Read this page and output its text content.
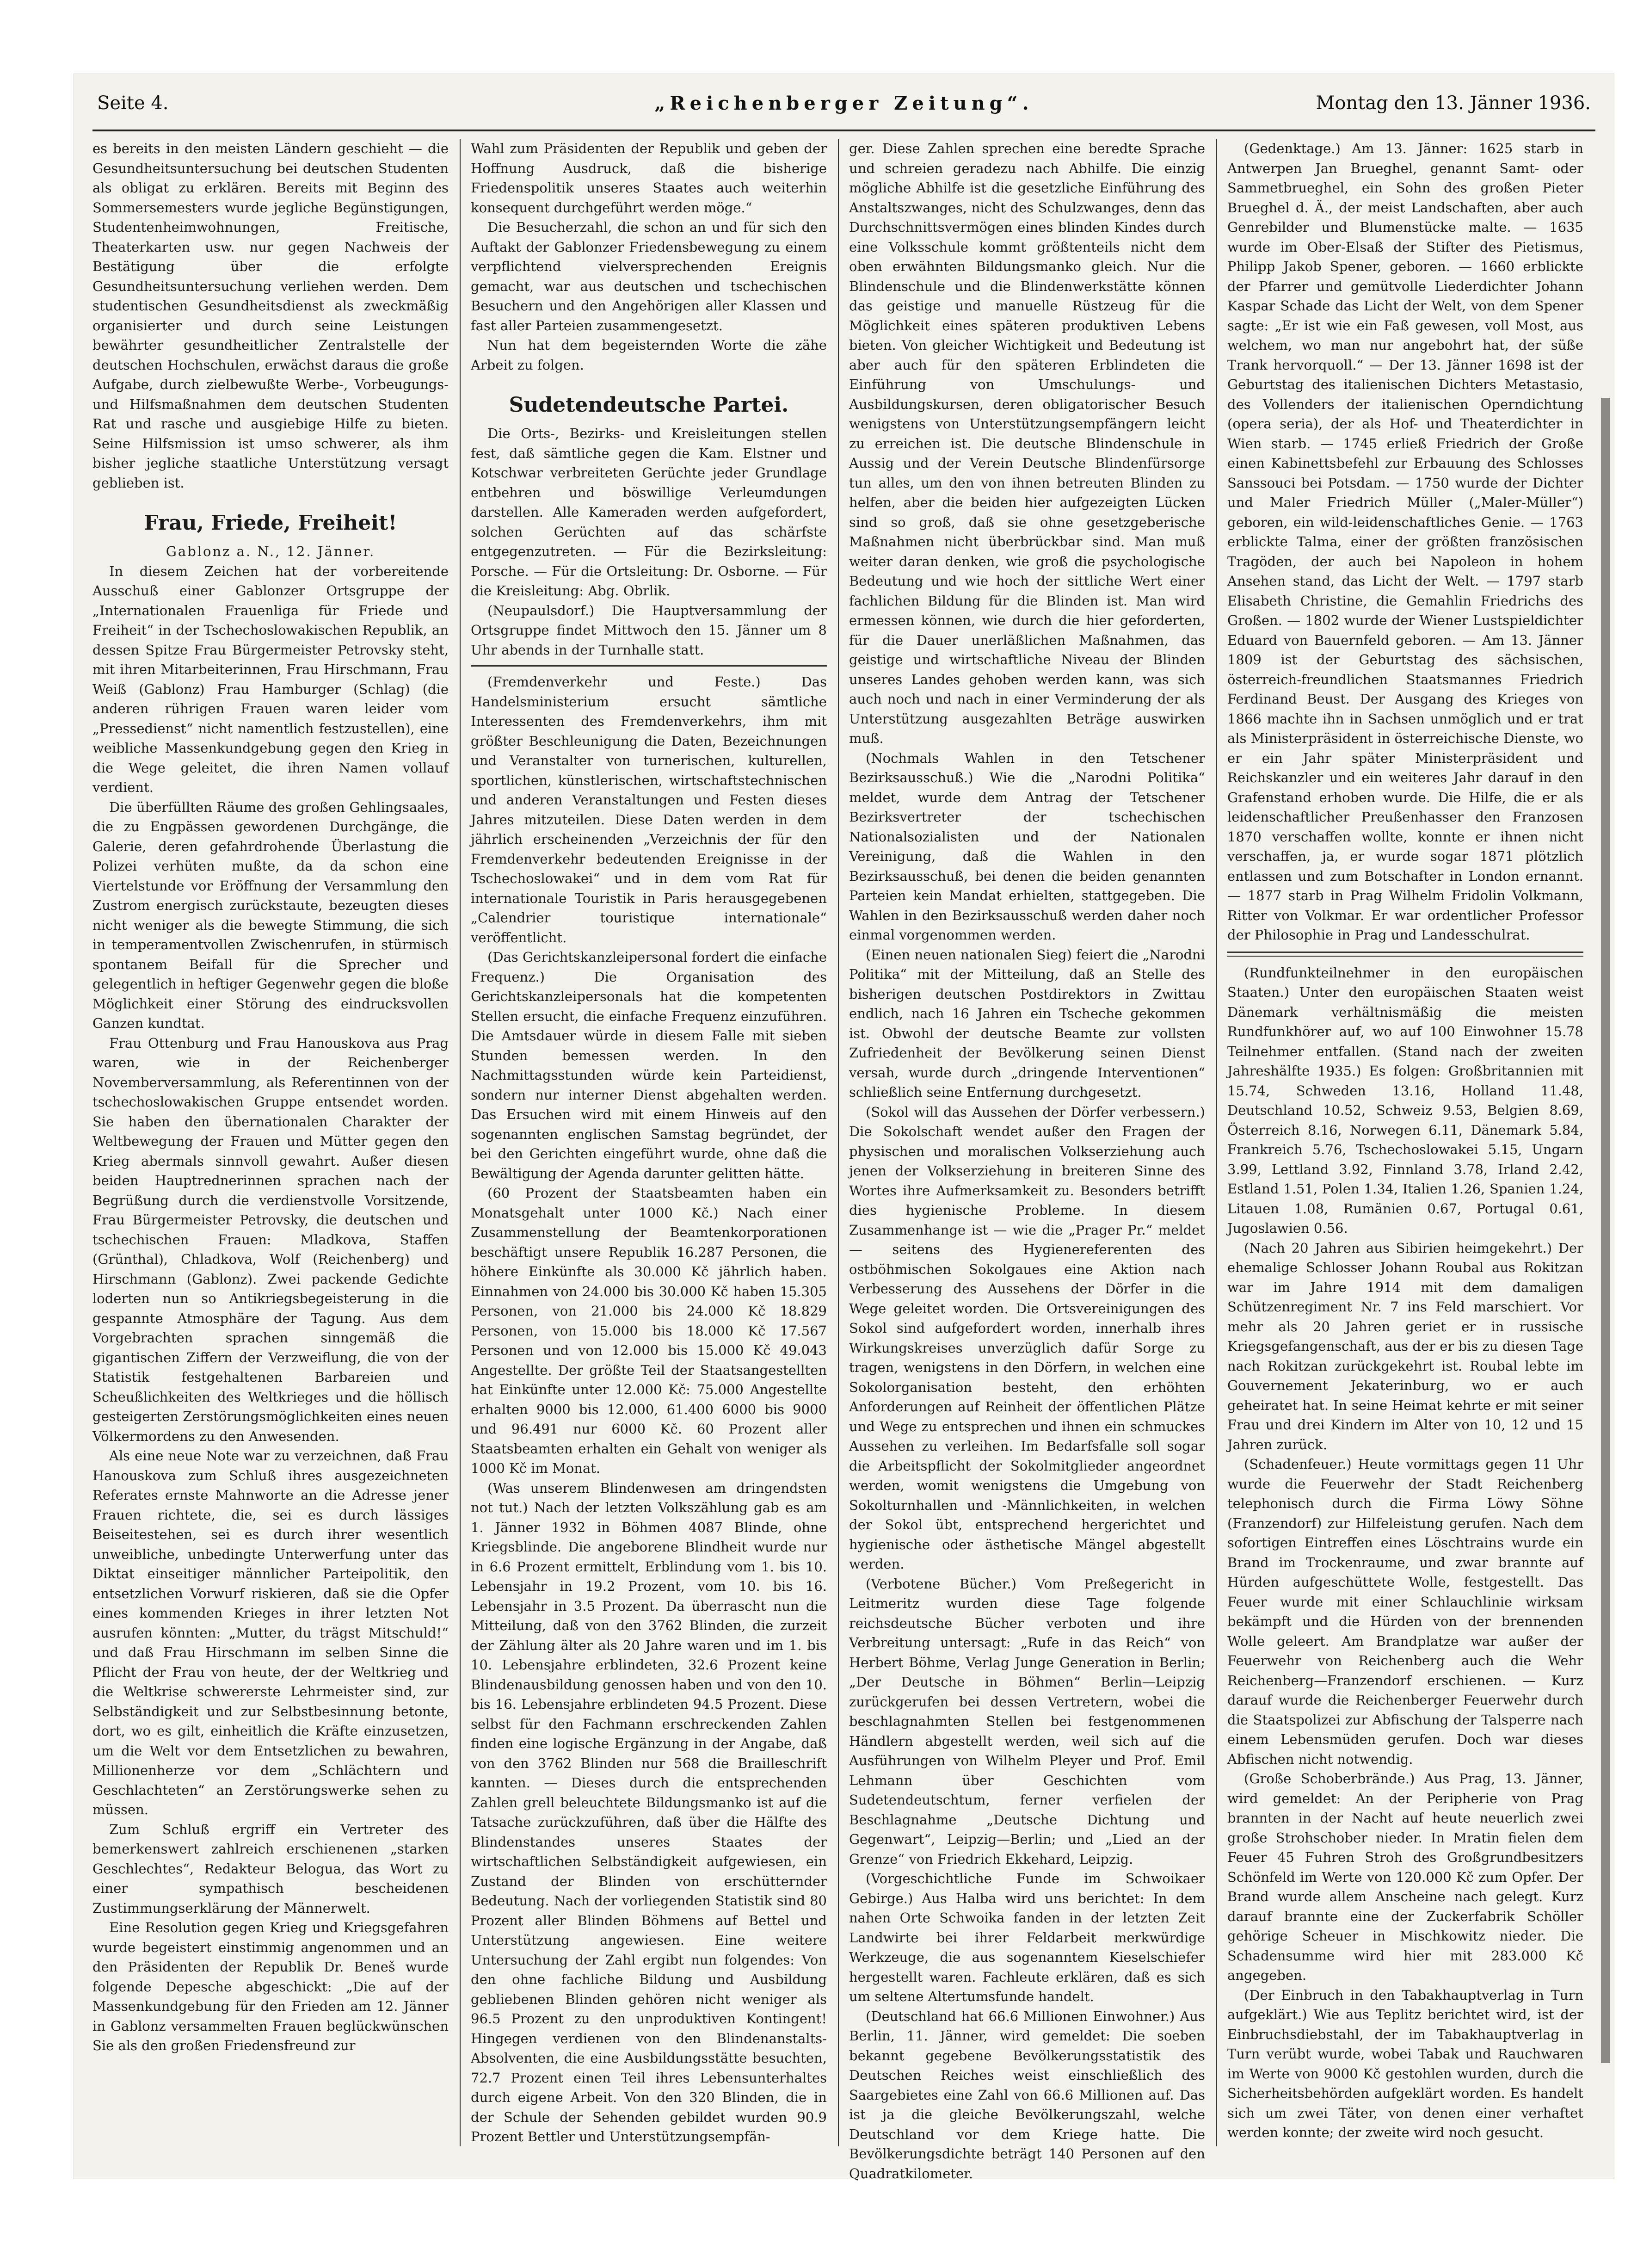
Seite 4.	„Reichenberger Zeitung“.	Montag den 13. Jänner 1936.

es bereits in den meisten Ländern geschieht — die Gesundheitsuntersuchung bei deutschen Studenten als obligat zu erklären. Bereits mit Beginn des Sommersemesters wurde jegliche Begünstigungen, Studentenheimwohnungen, Freitische, Theaterkarten usw. nur gegen Nachweis der Bestätigung über die erfolgte Gesundheitsuntersuchung verliehen werden. Dem studentischen Gesundheitsdienst als zweckmäßig organisierter und durch seine Leistungen bewährter gesundheitlicher Zentralstelle der deutschen Hochschulen, erwächst daraus die große Aufgabe, durch zielbewußte Werbe-, Vorbeugungs- und Hilfsmaßnahmen dem deutschen Studenten Rat und rasche und ausgiebige Hilfe zu bieten. Seine Hilfsmission ist umso schwerer, als ihm bisher jegliche staatliche Unterstützung versagt geblieben ist.

Frau, Friede, Freiheit!

Gablonz a. N., 12. Jänner.

In diesem Zeichen hat der vorbereitende Ausschuß einer Gablonzer Ortsgruppe der „Internationalen Frauenliga für Friede und Freiheit“ in der Tschechoslowakischen Republik, an dessen Spitze Frau Bürgermeister Petrovsky steht, mit ihren Mitarbeiterinnen, Frau Hirschmann, Frau Weiß (Gablonz) Frau Hamburger (Schlag) (die anderen rührigen Frauen waren leider vom „Pressedienst“ nicht namentlich festzustellen), eine weibliche Massenkundgebung gegen den Krieg in die Wege geleitet, die ihren Namen vollauf verdient.

Die überfüllten Räume des großen Gehlingsaales, die zu Engpässen gewordenen Durchgänge, die Galerie, deren gefahrdrohende Überlastung die Polizei verhüten mußte, da da schon eine Viertelstunde vor Eröffnung der Versammlung den Zustrom energisch zurückstaute, bezeugten dieses nicht weniger als die bewegte Stimmung, die sich in temperamentvollen Zwischenrufen, in stürmisch spontanem Beifall für die Sprecher und gelegentlich in heftiger Gegenwehr gegen die bloße Möglichkeit einer Störung des eindrucksvollen Ganzen kundtat.

Frau Ottenburg und Frau Hanouskova aus Prag waren, wie in der Reichenberger Novemberversammlung, als Referentinnen von der tschechoslowakischen Gruppe entsendet worden. Sie haben den übernationalen Charakter der Weltbewegung der Frauen und Mütter gegen den Krieg abermals sinnvoll gewahrt. Außer diesen beiden Hauptrednerinnen sprachen nach der Begrüßung durch die verdienstvolle Vorsitzende, Frau Bürgermeister Petrovsky, die deutschen und tschechischen Frauen: Mladkova, Staffen (Grünthal), Chladkova, Wolf (Reichenberg) und Hirschmann (Gablonz). Zwei packende Gedichte loderten nun so Antikriegsbegeisterung in die gespannte Atmosphäre der Tagung. Aus dem Vorgebrachten sprachen sinngemäß die gigantischen Ziffern der Verzweiflung, die von der Statistik festgehaltenen Barbareien und Scheußlichkeiten des Weltkrieges und die höllisch gesteigerten Zerstörungsmöglichkeiten eines neuen Völkermordens zu den Anwesenden.

Als eine neue Note war zu verzeichnen, daß Frau Hanouskova zum Schluß ihres ausgezeichneten Referates ernste Mahnworte an die Adresse jener Frauen richtete, die, sei es durch lässiges Beiseitestehen, sei es durch ihrer wesentlich unweibliche, unbedingte Unterwerfung unter das Diktat einseitiger männlicher Parteipolitik, den entsetzlichen Vorwurf riskieren, daß sie die Opfer eines kommenden Krieges in ihrer letzten Not ausrufen könnten: „Mutter, du trägst Mitschuld!“ und daß Frau Hirschmann im selben Sinne die Pflicht der Frau von heute, der der Weltkrieg und die Weltkrise schwererste Lehrmeister sind, zur Selbständigkeit und zur Selbstbesinnung betonte, dort, wo es gilt, einheitlich die Kräfte einzusetzen, um die Welt vor dem Entsetzlichen zu bewahren, Millionenherze vor dem „Schlächtern und Geschlachteten“ an Zerstörungswerke sehen zu müssen.

Zum Schluß ergriff ein Vertreter des bemerkenswert zahlreich erschienenen „starken Geschlechtes“, Redakteur Belogua, das Wort zu einer sympathisch bescheidenen Zustimmungserklärung der Männerwelt.

Eine Resolution gegen Krieg und Kriegsgefahren wurde begeistert einstimmig angenommen und an den Präsidenten der Republik Dr. Beneš wurde folgende Depesche abgeschickt: „Die auf der Massenkundgebung für den Frieden am 12. Jänner in Gablonz versammelten Frauen beglückwünschen Sie als den großen Friedensfreund zur

Wahl zum Präsidenten der Republik und geben der Hoffnung Ausdruck, daß die bisherige Friedenspolitik unseres Staates auch weiterhin konsequent durchgeführt werden möge.“

Die Besucherzahl, die schon an und für sich den Auftakt der Gablonzer Friedensbewegung zu einem verpflichtend vielversprechenden Ereignis gemacht, war aus deutschen und tschechischen Besuchern und den Angehörigen aller Klassen und fast aller Parteien zusammengesetzt.

Nun hat dem begeisternden Worte die zähe Arbeit zu folgen.

Sudetendeutsche Partei.

Die Orts-, Bezirks- und Kreisleitungen stellen fest, daß sämtliche gegen die Kam. Elstner und Kotschwar verbreiteten Gerüchte jeder Grundlage entbehren und böswillige Verleumdungen darstellen. Alle Kameraden werden aufgefordert, solchen Gerüchten auf das schärfste entgegenzutreten. — Für die Bezirksleitung: Porsche. — Für die Ortsleitung: Dr. Osborne. — Für die Kreisleitung: Abg. Obrlik.

(Neupaulsdorf.) Die Hauptversammlung der Ortsgruppe findet Mittwoch den 15. Jänner um 8 Uhr abends in der Turnhalle statt.

(Fremdenverkehr und Feste.) Das Handelsministerium ersucht sämtliche Interessenten des Fremdenverkehrs, ihm mit größter Beschleunigung die Daten, Bezeichnungen und Veranstalter von turnerischen, kulturellen, sportlichen, künstlerischen, wirtschaftstechnischen und anderen Veranstaltungen und Festen dieses Jahres mitzuteilen. Diese Daten werden in dem jährlich erscheinenden „Verzeichnis der für den Fremdenverkehr bedeutenden Ereignisse in der Tschechoslowakei“ und in dem vom Rat für internationale Touristik in Paris herausgegebenen „Calendrier touristique internationale“ veröffentlicht.

(Das Gerichtskanzleipersonal fordert die einfache Frequenz.) Die Organisation des Gerichtskanzleipersonals hat die kompetenten Stellen ersucht, die einfache Frequenz einzuführen. Die Amtsdauer würde in diesem Falle mit sieben Stunden bemessen werden. In den Nachmittagsstunden würde kein Parteidienst, sondern nur interner Dienst abgehalten werden. Das Ersuchen wird mit einem Hinweis auf den sogenannten englischen Samstag begründet, der bei den Gerichten eingeführt wurde, ohne daß die Bewältigung der Agenda darunter gelitten hätte.

(60 Prozent der Staatsbeamten haben ein Monatsgehalt unter 1000 Kč.) Nach einer Zusammenstellung der Beamtenkorporationen beschäftigt unsere Republik 16.287 Personen, die höhere Einkünfte als 30.000 Kč jährlich haben. Einnahmen von 24.000 bis 30.000 Kč haben 15.305 Personen, von 21.000 bis 24.000 Kč 18.829 Personen, von 15.000 bis 18.000 Kč 17.567 Personen und von 12.000 bis 15.000 Kč 49.043 Angestellte. Der größte Teil der Staatsangestellten hat Einkünfte unter 12.000 Kč: 75.000 Angestellte erhalten 9000 bis 12.000, 61.400 6000 bis 9000 und 96.491 nur 6000 Kč. 60 Prozent aller Staatsbeamten erhalten ein Gehalt von weniger als 1000 Kč im Monat.

(Was unserem Blindenwesen am dringendsten not tut.) Nach der letzten Volkszählung gab es am 1. Jänner 1932 in Böhmen 4087 Blinde, ohne Kriegsblinde. Die angeborene Blindheit wurde nur in 6.6 Prozent ermittelt, Erblindung vom 1. bis 10. Lebensjahr in 19.2 Prozent, vom 10. bis 16. Lebensjahr in 3.5 Prozent. Da überrascht nun die Mitteilung, daß von den 3762 Blinden, die zurzeit der Zählung älter als 20 Jahre waren und im 1. bis 10. Lebensjahre erblindeten, 32.6 Prozent keine Blindenausbildung genossen haben und von den 10. bis 16. Lebensjahre erblindeten 94.5 Prozent. Diese selbst für den Fachmann erschreckenden Zahlen finden eine logische Ergänzung in der Angabe, daß von den 3762 Blinden nur 568 die Brailleschrift kannten. — Dieses durch die entsprechenden Zahlen grell beleuchtete Bildungsmanko ist auf die Tatsache zurückzuführen, daß über die Hälfte des Blindenstandes unseres Staates der wirtschaftlichen Selbständigkeit aufgewiesen, ein Zustand der Blinden von erschütternder Bedeutung. Nach der vorliegenden Statistik sind 80 Prozent aller Blinden Böhmens auf Bettel und Unterstützung angewiesen. Eine weitere Untersuchung der Zahl ergibt nun folgendes: Von den ohne fachliche Bildung und Ausbildung gebliebenen Blinden gehören nicht weniger als 96.5 Prozent zu den unproduktiven Kontingent! Hingegen verdienen von den Blindenanstalts-Absolventen, die eine Ausbildungsstätte besuchten, 72.7 Prozent einen Teil ihres Lebensunterhaltes durch eigene Arbeit. Von den 320 Blinden, die in der Schule der Sehenden gebildet wurden 90.9 Prozent Bettler und Unterstützungsempfän-

ger. Diese Zahlen sprechen eine beredte Sprache und schreien geradezu nach Abhilfe. Die einzig mögliche Abhilfe ist die gesetzliche Einführung des Anstaltszwanges, nicht des Schulzwanges, denn das Durchschnittsvermögen eines blinden Kindes durch eine Volksschule kommt größtenteils nicht dem oben erwähnten Bildungsmanko gleich. Nur die Blindenschule und die Blindenwerkstätte können das geistige und manuelle Rüstzeug für die Möglichkeit eines späteren produktiven Lebens bieten. Von gleicher Wichtigkeit und Bedeutung ist aber auch für den späteren Erblindeten die Einführung von Umschulungs- und Ausbildungskursen, deren obligatorischer Besuch wenigstens von Unterstützungsempfängern leicht zu erreichen ist. Die deutsche Blindenschule in Aussig und der Verein Deutsche Blindenfürsorge tun alles, um den von ihnen betreuten Blinden zu helfen, aber die beiden hier aufgezeigten Lücken sind so groß, daß sie ohne gesetzgeberische Maßnahmen nicht überbrückbar sind. Man muß weiter daran denken, wie groß die psychologische Bedeutung und wie hoch der sittliche Wert einer fachlichen Bildung für die Blinden ist. Man wird ermessen können, wie durch die hier geforderten, für die Dauer unerläßlichen Maßnahmen, das geistige und wirtschaftliche Niveau der Blinden unseres Landes gehoben werden kann, was sich auch noch und nach in einer Verminderung der als Unterstützung ausgezahlten Beträge auswirken muß.

(Nochmals Wahlen in den Tetschener Bezirksausschuß.) Wie die „Narodni Politika“ meldet, wurde dem Antrag der Tetschener Bezirksvertreter der tschechischen Nationalsozialisten und der Nationalen Vereinigung, daß die Wahlen in den Bezirksausschuß, bei denen die beiden genannten Parteien kein Mandat erhielten, stattgegeben. Die Wahlen in den Bezirksausschuß werden daher noch einmal vorgenommen werden.

(Einen neuen nationalen Sieg) feiert die „Narodni Politika“ mit der Mitteilung, daß an Stelle des bisherigen deutschen Postdirektors in Zwittau endlich, nach 16 Jahren ein Tscheche gekommen ist. Obwohl der deutsche Beamte zur vollsten Zufriedenheit der Bevölkerung seinen Dienst versah, wurde durch „dringende Interventionen“ schließlich seine Entfernung durchgesetzt.

(Sokol will das Aussehen der Dörfer verbessern.) Die Sokolschaft wendet außer den Fragen der physischen und moralischen Volkserziehung auch jenen der Volkserziehung in breiteren Sinne des Wortes ihre Aufmerksamkeit zu. Besonders betrifft dies hygienische Probleme. In diesem Zusammenhange ist — wie die „Prager Pr.“ meldet — seitens des Hygienereferenten des ostböhmischen Sokolgaues eine Aktion nach Verbesserung des Aussehens der Dörfer in die Wege geleitet worden. Die Ortsvereinigungen des Sokol sind aufgefordert worden, innerhalb ihres Wirkungskreises unverzüglich dafür Sorge zu tragen, wenigstens in den Dörfern, in welchen eine Sokolorganisation besteht, den erhöhten Anforderungen auf Reinheit der öffentlichen Plätze und Wege zu entsprechen und ihnen ein schmuckes Aussehen zu verleihen. Im Bedarfsfalle soll sogar die Arbeitspflicht der Sokolmitglieder angeordnet werden, womit wenigstens die Umgebung von Sokolturnhallen und -Männlichkeiten, in welchen der Sokol übt, entsprechend hergerichtet und hygienische oder ästhetische Mängel abgestellt werden.

(Verbotene Bücher.) Vom Preßegericht in Leitmeritz wurden diese Tage folgende reichsdeutsche Bücher verboten und ihre Verbreitung untersagt: „Rufe in das Reich“ von Herbert Böhme, Verlag Junge Generation in Berlin; „Der Deutsche in Böhmen“ Berlin—Leipzig zurückgerufen bei dessen Vertretern, wobei die beschlagnahmten Stellen bei festgenommenen Händlern abgestellt werden, weil sich auf die Ausführungen von Wilhelm Pleyer und Prof. Emil Lehmann über Geschichten vom Sudetendeutschtum, ferner verfielen der Beschlagnahme „Deutsche Dichtung und Gegenwart“, Leipzig—Berlin; und „Lied an der Grenze“ von Friedrich Ekkehard, Leipzig.

(Vorgeschichtliche Funde im Schwoikaer Gebirge.) Aus Halba wird uns berichtet: In dem nahen Orte Schwoika fanden in der letzten Zeit Landwirte bei ihrer Feldarbeit merkwürdige Werkzeuge, die aus sogenanntem Kieselschiefer hergestellt waren. Fachleute erklären, daß es sich um seltene Altertumsfunde handelt.

(Deutschland hat 66.6 Millionen Einwohner.) Aus Berlin, 11. Jänner, wird gemeldet: Die soeben bekannt gegebene Bevölkerungsstatistik des Deutschen Reiches weist einschließlich des Saargebietes eine Zahl von 66.6 Millionen auf. Das ist ja die gleiche Bevölkerungszahl, welche Deutschland vor dem Kriege hatte. Die Bevölkerungsdichte beträgt 140 Personen auf den Quadratkilometer.

(Gedenktage.) Am 13. Jänner: 1625 starb in Antwerpen Jan Brueghel, genannt Samt- oder Sammetbrueghel, ein Sohn des großen Pieter Brueghel d. Ä., der meist Landschaften, aber auch Genrebilder und Blumenstücke malte. — 1635 wurde im Ober-Elsaß der Stifter des Pietismus, Philipp Jakob Spener, geboren. — 1660 erblickte der Pfarrer und gemütvolle Liederdichter Johann Kaspar Schade das Licht der Welt, von dem Spener sagte: „Er ist wie ein Faß gewesen, voll Most, aus welchem, wo man nur angebohrt hat, der süße Trank hervorquoll.“ — Der 13. Jänner 1698 ist der Geburtstag des italienischen Dichters Metastasio, des Vollenders der italienischen Operndichtung (opera seria), der als Hof- und Theaterdichter in Wien starb. — 1745 erließ Friedrich der Große einen Kabinettsbefehl zur Erbauung des Schlosses Sanssouci bei Potsdam. — 1750 wurde der Dichter und Maler Friedrich Müller („Maler-Müller“) geboren, ein wild-leidenschaftliches Genie. — 1763 erblickte Talma, einer der größten französischen Tragöden, der auch bei Napoleon in hohem Ansehen stand, das Licht der Welt. — 1797 starb Elisabeth Christine, die Gemahlin Friedrichs des Großen. — 1802 wurde der Wiener Lustspieldichter Eduard von Bauernfeld geboren. — Am 13. Jänner 1809 ist der Geburtstag des sächsischen, österreich-freundlichen Staatsmannes Friedrich Ferdinand Beust. Der Ausgang des Krieges von 1866 machte ihn in Sachsen unmöglich und er trat als Ministerpräsident in österreichische Dienste, wo er ein Jahr später Ministerpräsident und Reichskanzler und ein weiteres Jahr darauf in den Grafenstand erhoben wurde. Die Hilfe, die er als leidenschaftlicher Preußenhasser den Franzosen 1870 verschaffen wollte, konnte er ihnen nicht verschaffen, ja, er wurde sogar 1871 plötzlich entlassen und zum Botschafter in London ernannt. — 1877 starb in Prag Wilhelm Fridolin Volkmann, Ritter von Volkmar. Er war ordentlicher Professor der Philosophie in Prag und Landesschulrat.

(Rundfunkteilnehmer in den europäischen Staaten.) Unter den europäischen Staaten weist Dänemark verhältnismäßig die meisten Rundfunkhörer auf, wo auf 100 Einwohner 15.78 Teilnehmer entfallen. (Stand nach der zweiten Jahreshälfte 1935.) Es folgen: Großbritannien mit 15.74, Schweden 13.16, Holland 11.48, Deutschland 10.52, Schweiz 9.53, Belgien 8.69, Österreich 8.16, Norwegen 6.11, Dänemark 5.84, Frankreich 5.76, Tschechoslowakei 5.15, Ungarn 3.99, Lettland 3.92, Finnland 3.78, Irland 2.42, Estland 1.51, Polen 1.34, Italien 1.26, Spanien 1.24, Litauen 1.08, Rumänien 0.67, Portugal 0.61, Jugoslawien 0.56.

(Nach 20 Jahren aus Sibirien heimgekehrt.) Der ehemalige Schlosser Johann Roubal aus Rokitzan war im Jahre 1914 mit dem damaligen Schützenregiment Nr. 7 ins Feld marschiert. Vor mehr als 20 Jahren geriet er in russische Kriegsgefangenschaft, aus der er bis zu diesen Tage nach Rokitzan zurückgekehrt ist. Roubal lebte im Gouvernement Jekaterinburg, wo er auch geheiratet hat. In seine Heimat kehrte er mit seiner Frau und drei Kindern im Alter von 10, 12 und 15 Jahren zurück.

(Schadenfeuer.) Heute vormittags gegen 11 Uhr wurde die Feuerwehr der Stadt Reichenberg telephonisch durch die Firma Löwy Söhne (Franzendorf) zur Hilfeleistung gerufen. Nach dem sofortigen Eintreffen eines Löschtrains wurde ein Brand im Trockenraume, und zwar brannte auf Hürden aufgeschüttete Wolle, festgestellt. Das Feuer wurde mit einer Schlauchlinie wirksam bekämpft und die Hürden von der brennenden Wolle geleert. Am Brandplatze war außer der Feuerwehr von Reichenberg auch die Wehr Reichenberg—Franzendorf erschienen. — Kurz darauf wurde die Reichenberger Feuerwehr durch die Staatspolizei zur Abfischung der Talsperre nach einem Lebensmüden gerufen. Doch war dieses Abfischen nicht notwendig.

(Große Schoberbrände.) Aus Prag, 13. Jänner, wird gemeldet: An der Peripherie von Prag brannten in der Nacht auf heute neuerlich zwei große Strohschober nieder. In Mratin fielen dem Feuer 45 Fuhren Stroh des Großgrundbesitzers Schönfeld im Werte von 120.000 Kč zum Opfer. Der Brand wurde allem Anscheine nach gelegt. Kurz darauf brannte eine der Zuckerfabrik Schöller gehörige Scheuer in Mischkowitz nieder. Die Schadensumme wird hier mit 283.000 Kč angegeben.

(Der Einbruch in den Tabakhauptverlag in Turn aufgeklärt.) Wie aus Teplitz berichtet wird, ist der Einbruchsdiebstahl, der im Tabakhauptverlag in Turn verübt wurde, wobei Tabak und Rauchwaren im Werte von 9000 Kč gestohlen wurden, durch die Sicherheitsbehörden aufgeklärt worden. Es handelt sich um zwei Täter, von denen einer verhaftet werden konnte; der zweite wird noch gesucht.
